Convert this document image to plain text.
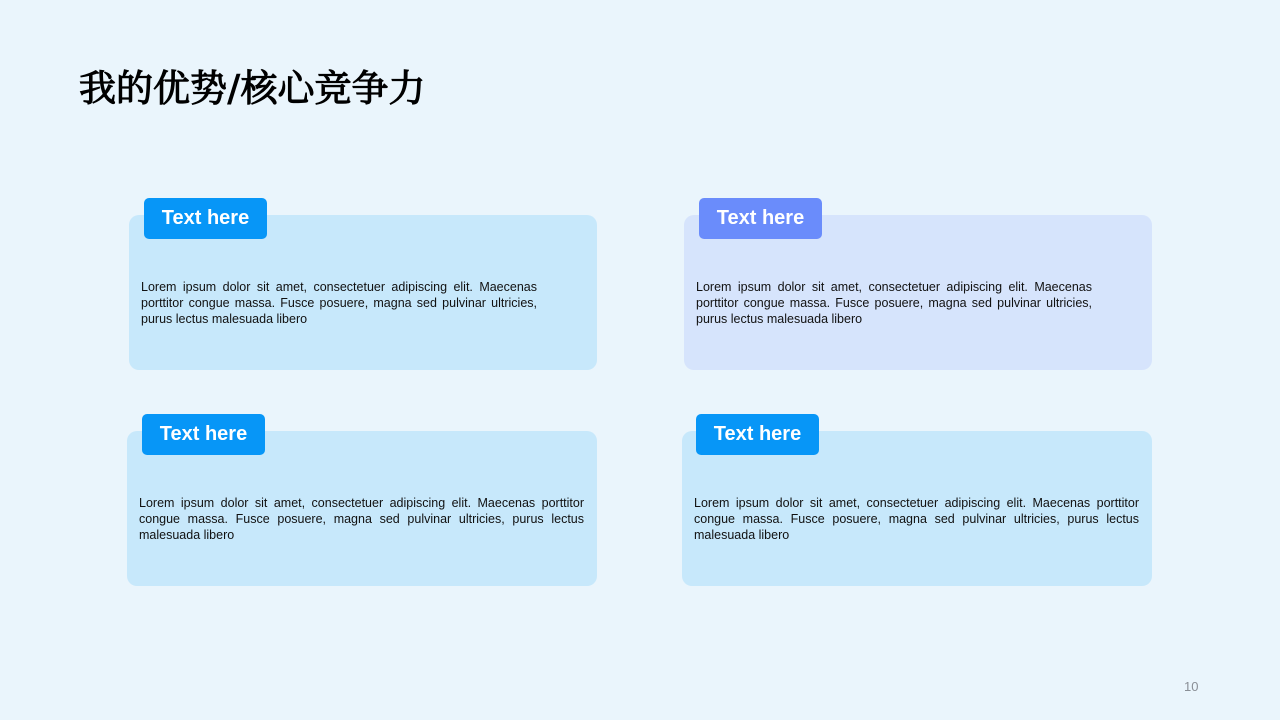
我的优势/核心竞争力
Lorem ipsum dolor sit amet, consectetuer adipiscing elit. Maecenas porttitor congue massa. Fusce posuere, magna sed pulvinar ultricies, purus lectus malesuada libero
Text here
Lorem ipsum dolor sit amet, consectetuer adipiscing elit. Maecenas porttitor congue massa. Fusce posuere, magna sed pulvinar ultricies, purus lectus malesuada libero
Text here
Lorem ipsum dolor sit amet, consectetuer adipiscing elit. Maecenas porttitor congue massa. Fusce posuere, magna sed pulvinar ultricies, purus lectus malesuada libero
Text here
Lorem ipsum dolor sit amet, consectetuer adipiscing elit. Maecenas porttitor congue massa. Fusce posuere, magna sed pulvinar ultricies, purus lectus malesuada libero
Text here
10
